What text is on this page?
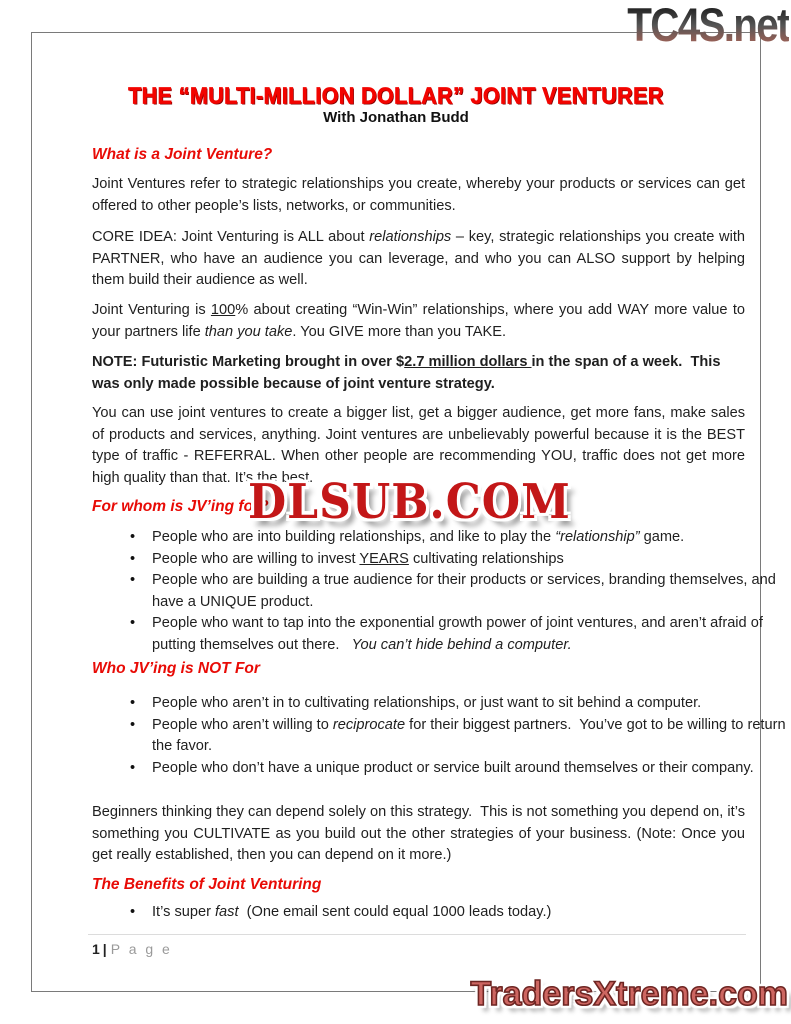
TC4S.net
THE “MULTI-MILLION DOLLAR” JOINT VENTURER
With Jonathan Budd
What is a Joint Venture?

Joint Ventures refer to strategic relationships you create, whereby your products or services can get offered to other people’s lists, networks, or communities.

CORE IDEA: Joint Venturing is ALL about relationships – key, strategic relationships you create with PARTNER, who have an audience you can leverage, and who you can ALSO support by helping them build their audience as well.

Joint Venturing is 100% about creating “Win-Win” relationships, where you add WAY more value to your partners life than you take. You GIVE more than you TAKE.

NOTE: Futuristic Marketing brought in over $2.7 million dollars in the span of a week.  This was only made possible because of joint venture strategy.

You can use joint ventures to create a bigger list, get a bigger audience, get more fans, make sales of products and services, anything. Joint ventures are unbelievably powerful because it is the BEST type of traffic - REFERRAL. When other people are recommending YOU, traffic does not get more high quality than that. It’s the best.

For whom is JV’ing for?
DLSUB.COM
• People who are into building relationships, and like to play the “relationship” game.
• People who are willing to invest YEARS cultivating relationships
• People who are building a true audience for their products or services, branding themselves, and have a UNIQUE product.
• People who want to tap into the exponential growth power of joint ventures, and aren’t afraid of putting themselves out there.   You can’t hide behind a computer.
Who JV’ing is NOT For
• People who aren’t in to cultivating relationships, or just want to sit behind a computer.
• People who aren’t willing to reciprocate for their biggest partners.  You’ve got to be willing to return the favor.
• People who don’t have a unique product or service built around themselves or their company.

Beginners thinking they can depend solely on this strategy.  This is not something you depend on, it’s something you CULTIVATE as you build out the other strategies of your business. (Note: Once you get really established, then you can depend on it more.)

The Benefits of Joint Venturing
• It’s super fast  (One email sent could equal 1000 leads today.)
1 | P a g e
TradersXtreme.com
